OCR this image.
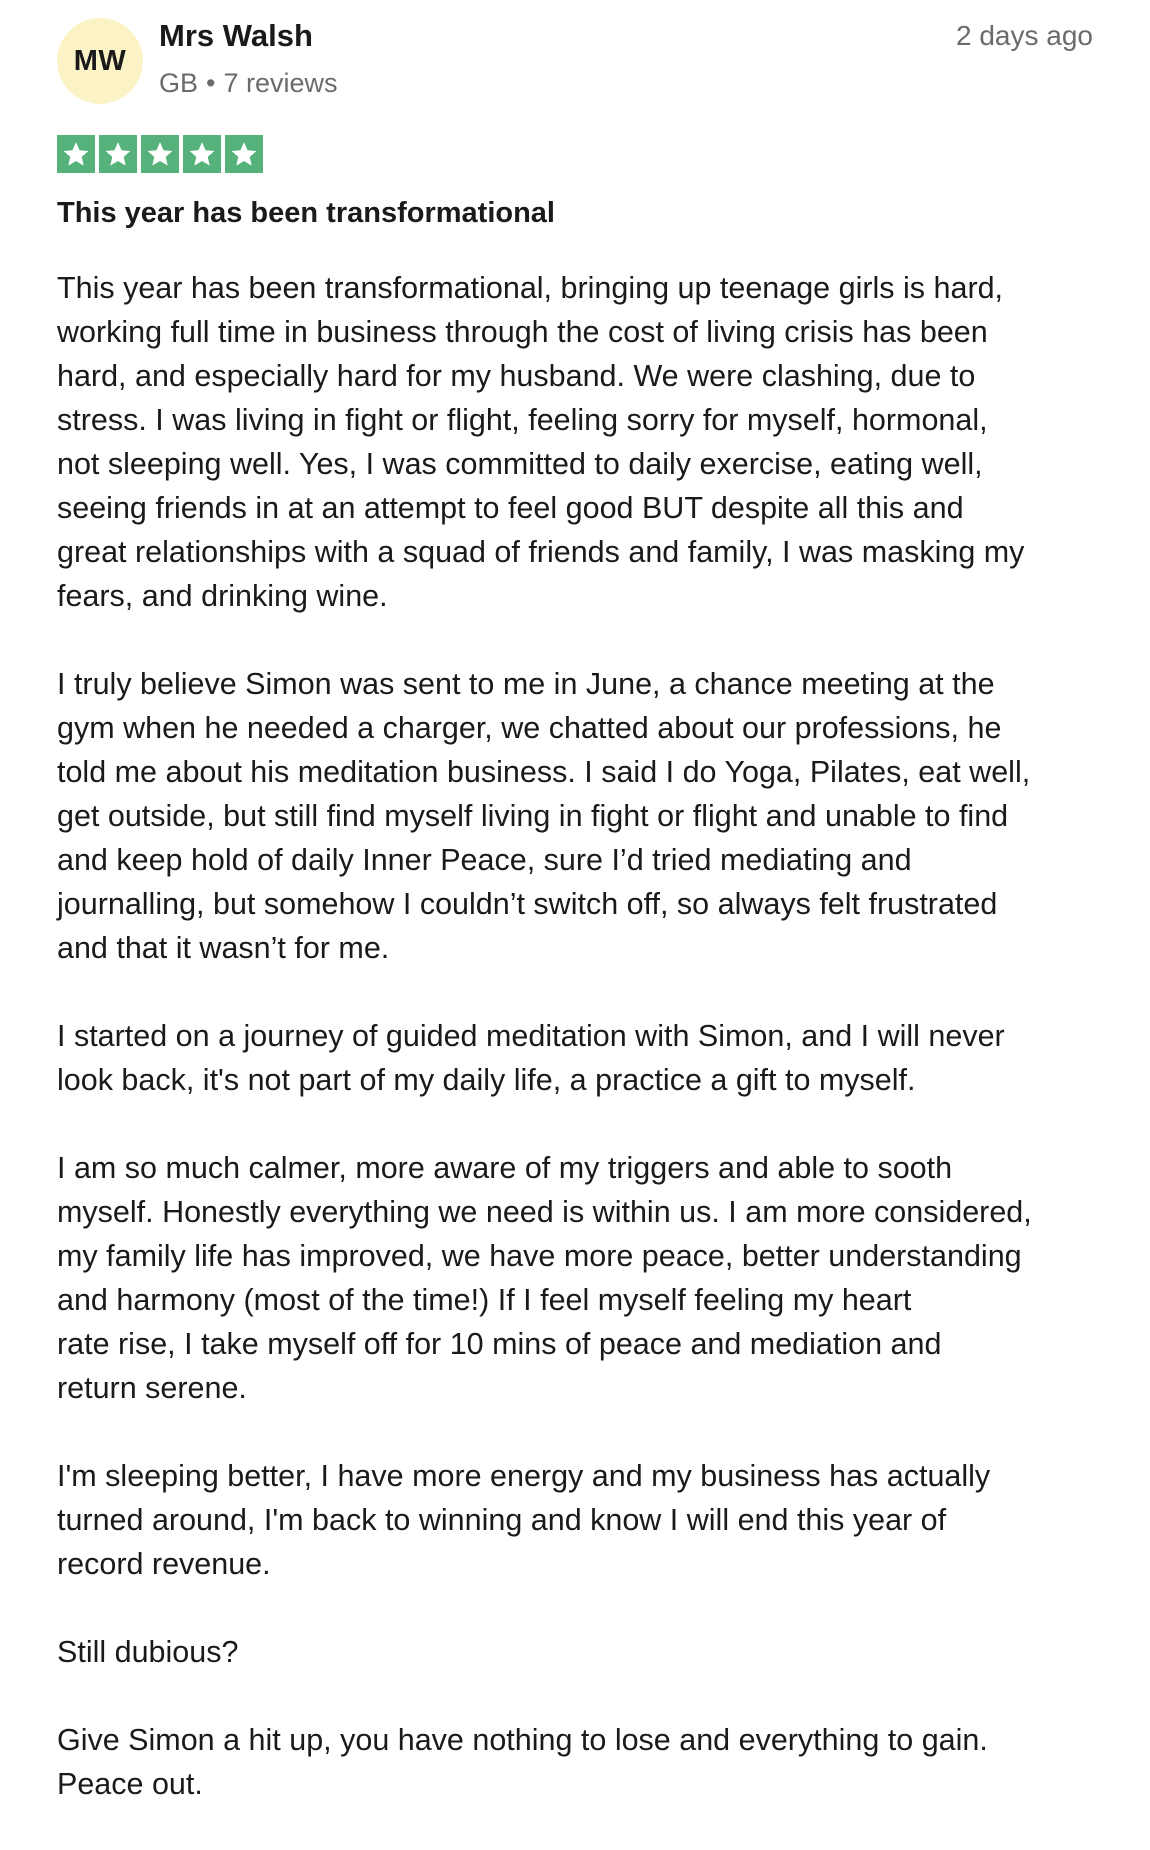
MW
Mrs Walsh
GB • 7 reviews
2 days ago
This year has been transformational

This year has been transformational, bringing up teenage girls is hard,
working full time in business through the cost of living crisis has been
hard, and especially hard for my husband. We were clashing, due to
stress. I was living in fight or flight, feeling sorry for myself, hormonal,
not sleeping well. Yes, I was committed to daily exercise, eating well,
seeing friends in at an attempt to feel good BUT despite all this and
great relationships with a squad of friends and family, I was masking my
fears, and drinking wine.

I truly believe Simon was sent to me in June, a chance meeting at the
gym when he needed a charger, we chatted about our professions, he
told me about his meditation business. I said I do Yoga, Pilates, eat well,
get outside, but still find myself living in fight or flight and unable to find
and keep hold of daily Inner Peace, sure I’d tried mediating and
journalling, but somehow I couldn’t switch off, so always felt frustrated
and that it wasn’t for me.

I started on a journey of guided meditation with Simon, and I will never
look back, it's not part of my daily life, a practice a gift to myself.

I am so much calmer, more aware of my triggers and able to sooth
myself. Honestly everything we need is within us. I am more considered,
my family life has improved, we have more peace, better understanding
and harmony (most of the time!) If I feel myself feeling my heart
rate rise, I take myself off for 10 mins of peace and mediation and
return serene.

I'm sleeping better, I have more energy and my business has actually
turned around, I'm back to winning and know I will end this year of
record revenue.

Still dubious?

Give Simon a hit up, you have nothing to lose and everything to gain.
Peace out.
